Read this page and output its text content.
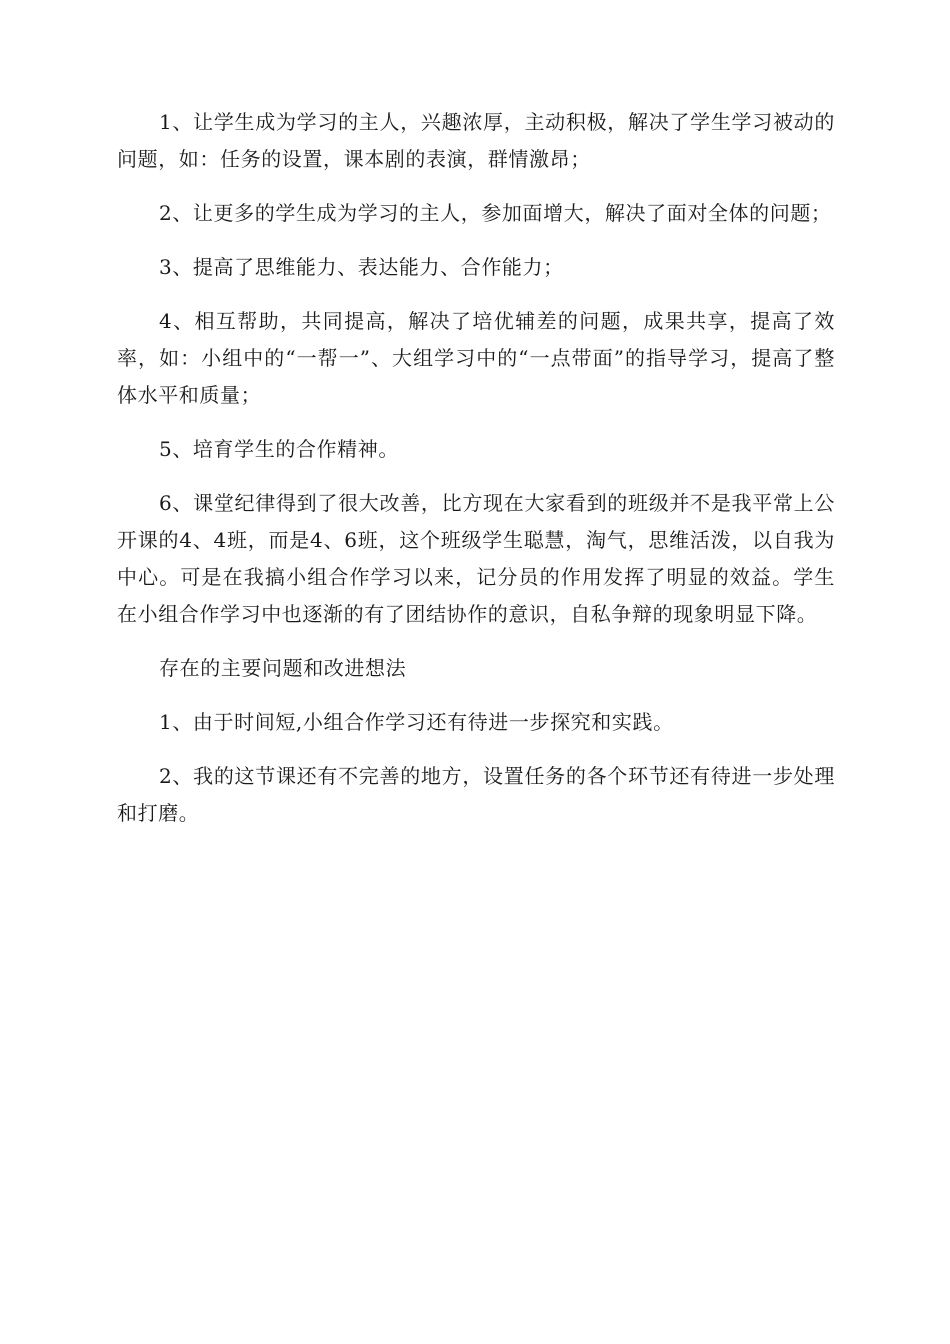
1、让学生成为学习的主人，兴趣浓厚，主动积极，解决了学生学习被动的问题，如：任务的设置，课本剧的表演，群情激昂；

2、让更多的学生成为学习的主人，参加面增大，解决了面对全体的问题；

3、提高了思维能力、表达能力、合作能力；

4、相互帮助，共同提高，解决了培优辅差的问题，成果共享，提高了效率，如：小组中的“一帮一”、大组学习中的“一点带面”的指导学习，提高了整体水平和质量；

5、培育学生的合作精神。

6、课堂纪律得到了很大改善，比方现在大家看到的班级并不是我平常上公开课的4、4班，而是4、6班，这个班级学生聪慧，淘气，思维活泼，以自我为中心。可是在我搞小组合作学习以来，记分员的作用发挥了明显的效益。学生在小组合作学习中也逐渐的有了团结协作的意识，自私争辩的现象明显下降。

存在的主要问题和改进想法

1、由于时间短,小组合作学习还有待进一步探究和实践。

2、我的这节课还有不完善的地方，设置任务的各个环节还有待进一步处理和打磨。
